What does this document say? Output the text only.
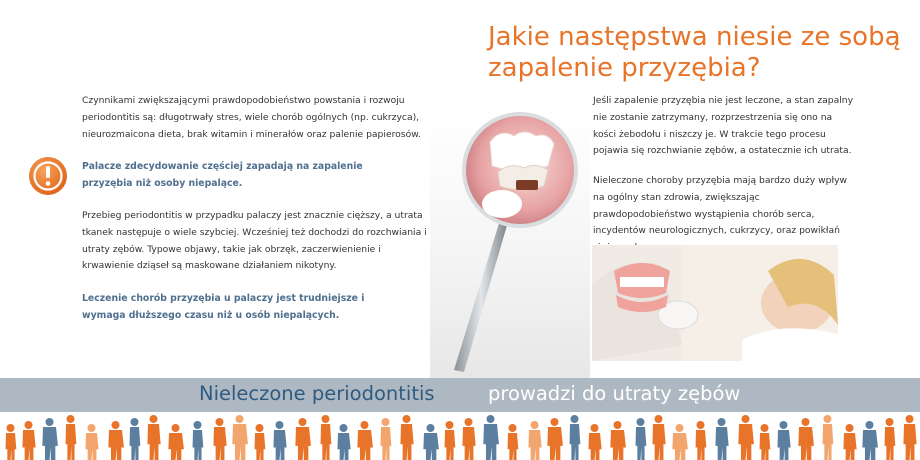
Jakie następstwa niesie ze sobą
zapalenie przyzębia?

Czynnikami zwiększającymi prawdopodobieństwo powstania i rozwoju periodontitis są: długotrwały stres, wiele chorób ogólnych (np. cukrzyca), nieurozmaicona dieta, brak witamin i minerałów oraz palenie papierosów.

Palacze zdecydowanie częściej zapadają na zapalenie przyzębia niż osoby niepalące.

Przebieg periodontitis w przypadku palaczy jest znacznie cięższy, a utrata tkanek następuje o wiele szybciej. Wcześniej też dochodzi do rozchwiania i utraty zębów. Typowe objawy, takie jak obrzęk, zaczerwienienie i krwawienie dziąseł są maskowane działaniem nikotyny.

Leczenie chorób przyzębia u palaczy jest trudniejsze i wymaga dłuższego czasu niż u osób niepalących.

Jeśli zapalenie przyzębia nie jest leczone, a stan zapalny nie zostanie zatrzymany, rozprzestrzenia się ono na kości żebodołu i niszczy je. W trakcie tego procesu pojawia się rozchwianie zębów, a ostatecznie ich utrata.

Nieleczone choroby przyzębia mają bardzo duży wpływ na ogólny stan zdrowia, zwiększając prawdopodobieństwo wystąpienia chorób serca, incydentów neurologicznych, cukrzycy, oraz powikłań

Nieleczone periodontitis	prowadzi do utraty zębów
